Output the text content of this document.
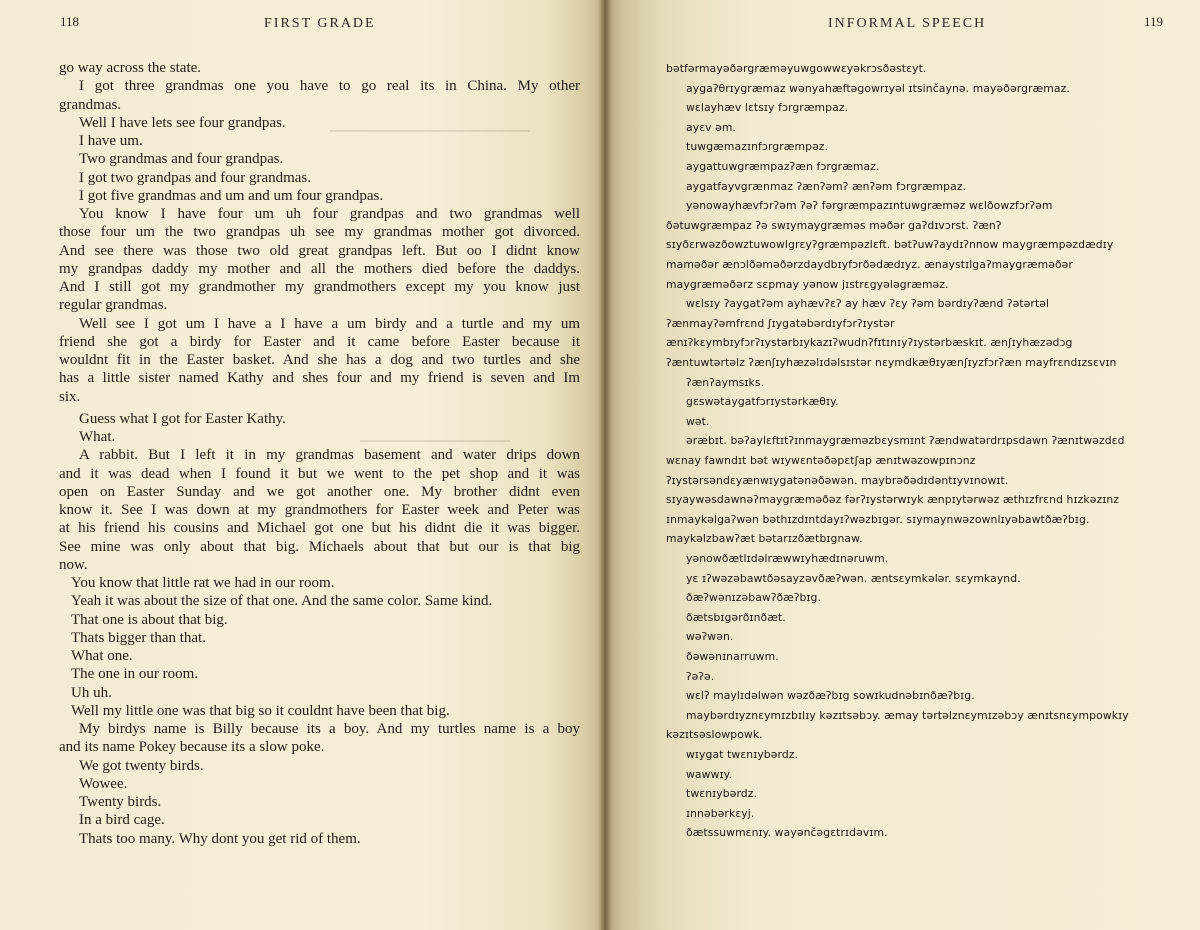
118	FIRST GRADE
go way across the state.
I got three grandmas one you have to go real its in China. My other
grandmas.
Well I have lets see four grandpas.
I have um.
Two grandmas and four grandpas.
I got two grandpas and four grandmas.
I got five grandmas and um and um four grandpas.
You know I have four um uh four grandpas and two grandmas well
those four um the two grandpas uh see my grandmas mother got divorced.
And see there was those two old great grandpas left. But oo I didnt know
my grandpas daddy my mother and all the mothers died before the daddys.
And I still got my grandmother my grandmothers except my you know just
regular grandmas.
Well see I got um I have a I have a um birdy and a turtle and my um
friend she got a birdy for Easter and it came before Easter because it
wouldnt fit in the Easter basket. And she has a dog and two turtles and she
has a little sister named Kathy and shes four and my friend is seven and Im
six.
Guess what I got for Easter Kathy.
What.
A rabbit. But I left it in my grandmas basement and water drips down
and it was dead when I found it but we went to the pet shop and it was
open on Easter Sunday and we got another one. My brother didnt even
know it. See I was down at my grandmothers for Easter week and Peter was
at his friend his cousins and Michael got one but his didnt die it was bigger.
See mine was only about that big. Michaels about that but our is that big
now.
You know that little rat we had in our room.
Yeah it was about the size of that one. And the same color. Same kind.
That one is about that big.
Thats bigger than that.
What one.
The one in our room.
Uh uh.
Well my little one was that big so it couldnt have been that big.
My birdys name is Billy because its a boy. And my turtles name is a boy
and its name Pokey because its a slow poke.
We got twenty birds.
Wowee.
Twenty birds.
In a bird cage.
Thats too many. Why dont you get rid of them.
INFORMAL SPEECH	119
bətfərmayəðərgræməyuwgowwɛyəkrɔsðəstɛyt.
aygaʔθrɪygræmaz wənyahæftəgowrɪyəl ɪtsinčaynə. mayəðərgræmaz.
wɛlayhæv lɛtsɪy fɔrgræmpaz.
ayɛv əm.
tuwgæmazɪnfɔrgræmpəz.
aygattuwgræmpazʔæn fɔrgræmaz.
aygatfayvgrænmaz ʔænʔəmʔ ænʔəm fɔrgræmpaz.
yənowayhævfɔrʔəm ʔəʔ fərgræmpazɪntuwgræməz wɛlðowzfɔrʔəm
ðətuwgræmpaz ʔə swɪymaygræməs məðər gaʔdɪvɔrst. ʔænʔ
sɪyðɛrwəzðowztuwowlgrɛyʔgræmpəzlɛft. bətʔuwʔaydɪʔnnow maygræmpəzdædɪy
maməðər ænɔlðəməðərzdaydbɪyfɔrðədædɪyz. ænaystɪlgaʔmaygræməðər
maygræməðərz sɛpmay yənow jɪstrɛgyəlәgræməz.
wɛlsɪy ʔaygatʔəm ayhævʔɛʔ ay hæv ʔɛy ʔəm bərdɪyʔænd ʔətərtəl
ʔænmayʔəmfrɛnd ʃɪygatəbərdɪyfɔrʔɪystər
ænɪʔkɛymbɪyfɔrʔɪystərbɪykazɪʔwudnʔfɪtɪnɪyʔɪystərbæskɪt. ænʃɪyhæzədɔg
ʔæntuwtərtəlz ʔænʃɪyhæzəlɪdəlsɪstər nɛymdkæθɪyænʃɪyzfɔrʔæn mayfrɛndɪzsɛvɪn
ʔænʔaymsɪks.
gɛswətaygatfɔrɪystərkæθɪy.
wət.
əræbɪt. bəʔaylɛftɪtʔɪnmaygræməzbɛysmɪnt ʔændwatərdrɪpsdawn ʔænɪtwəzdɛd
wɛnay fawndɪt bət wɪywɛntəðəpɛtʃap ænɪtwəzowpɪnɔnz
ʔɪystərsəndɛyænwɪygatənəðəwən. maybrəðədɪdəntɪyvɪnowɪt.
sɪyaywəsdawnəʔmaygræməðəz fərʔɪystərwɪyk ænpɪytərwəz æthɪzfrɛnd hɪzkəzɪnz
ɪnmaykəlgaʔwən bəthɪzdɪntdayɪʔwəzbɪgər. sɪymaynwəzownlɪyəbawtðæʔbɪg.
maykəlzbawʔæt bətarɪzðætbɪgnaw.
yənowðætlɪdəlræwwɪyhædɪnəruwm.
yɛ ɪʔwəzəbawtðəsayzəvðæʔwən. æntsɛymkələr. sɛymkaynd.
ðæʔwənɪzəbawʔðæʔbɪg.
ðætsbɪgərðɪnðæt.
wəʔwən.
ðəwənɪnarruwm.
ʔəʔə.
wɛlʔ maylɪdəlwən wəzðæʔbɪg sowɪkudnəbɪnðæʔbɪg.
maybərdɪyznɛymɪzbɪlɪy kəzɪtsəbɔy. æmay tərtəlznɛymɪzəbɔy ænɪtsnɛympowkɪy
kəzɪtsəslowpowk.
wɪygat twɛnɪybərdz.
wawwɪy.
twɛnɪybərdz.
ɪnnəbərkɛyj.
ðætssuwmɛnɪy. wayənčəgɛtrɪdəvɪm.
